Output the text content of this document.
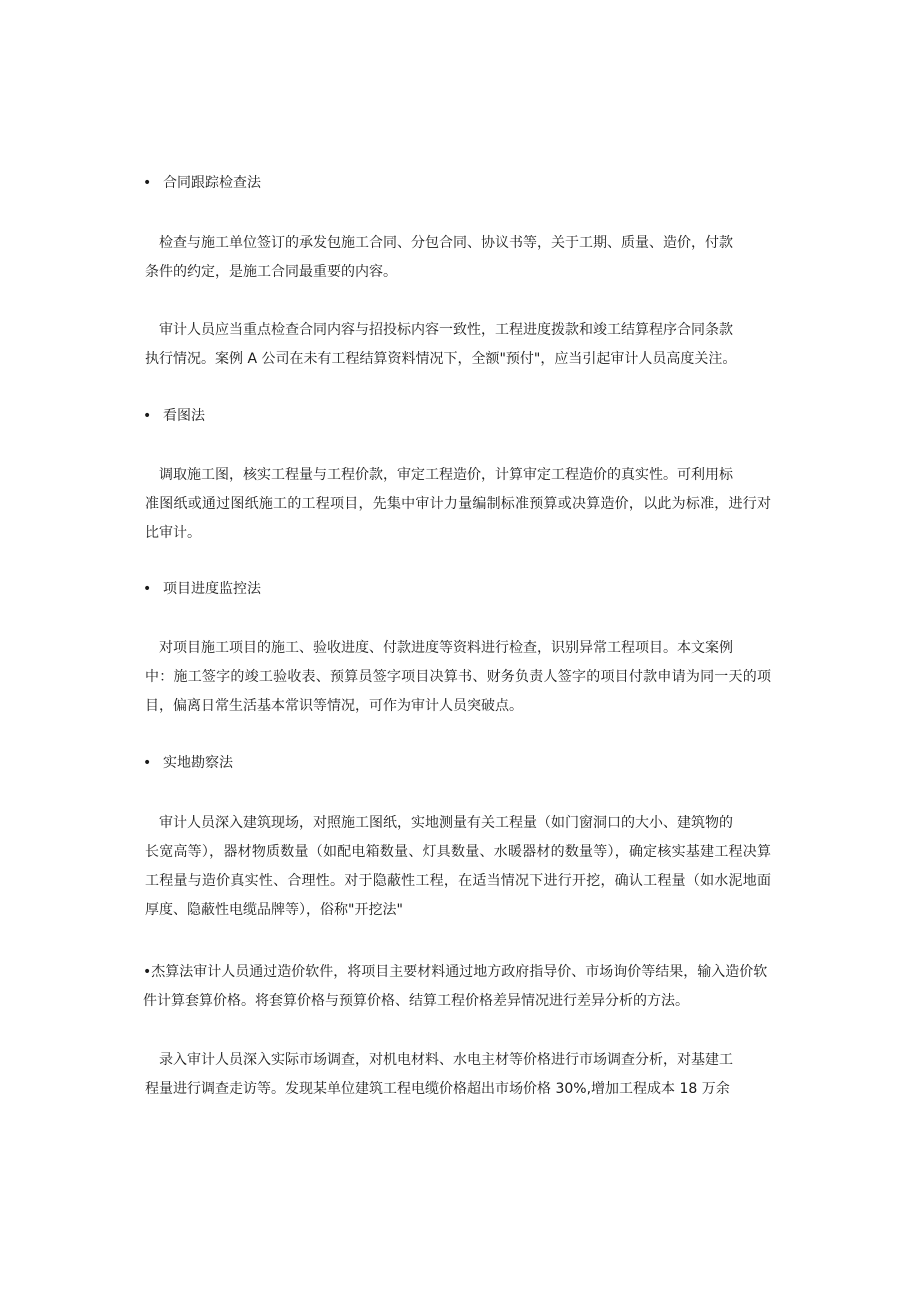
• 合同跟踪检查法
检查与施工单位签订的承发包施工合同、分包合同、协议书等，关于工期、质量、造价，付款
条件的约定，是施工合同最重要的内容。
审计人员应当重点检查合同内容与招投标内容一致性，工程进度拨款和竣工结算程序合同条款
执行情况。案例 A 公司在未有工程结算资料情况下，全额"预付"，应当引起审计人员高度关注。
• 看图法
调取施工图，核实工程量与工程价款，审定工程造价，计算审定工程造价的真实性。可利用标
准图纸或通过图纸施工的工程项目，先集中审计力量编制标准预算或决算造价，以此为标准，进行对比审计。
• 项目进度监控法
对项目施工项目的施工、验收进度、付款进度等资料进行检查，识别异常工程项目。本文案例
中：施工签字的竣工验收表、预算员签字项目决算书、财务负责人签字的项目付款申请为同一天的项目，偏离日常生活基本常识等情况，可作为审计人员突破点。
• 实地勘察法
审计人员深入建筑现场，对照施工图纸，实地测量有关工程量（如门窗洞口的大小、建筑物的
长宽高等），器材物质数量（如配电箱数量、灯具数量、水暖器材的数量等），确定核实基建工程决算工程量与造价真实性、合理性。对于隐蔽性工程，在适当情况下进行开挖，确认工程量（如水泥地面厚度、隐蔽性电缆品牌等），俗称"开挖法"
•杰算法审计人员通过造价软件，将项目主要材料通过地方政府指导价、市场询价等结果，输入造价软件计算套算价格。将套算价格与预算价格、结算工程价格差异情况进行差异分析的方法。
录入审计人员深入实际市场调查，对机电材料、水电主材等价格进行市场调查分析，对基建工
程量进行调查走访等。发现某单位建筑工程电缆价格超出市场价格 30%,增加工程成本 18 万余
